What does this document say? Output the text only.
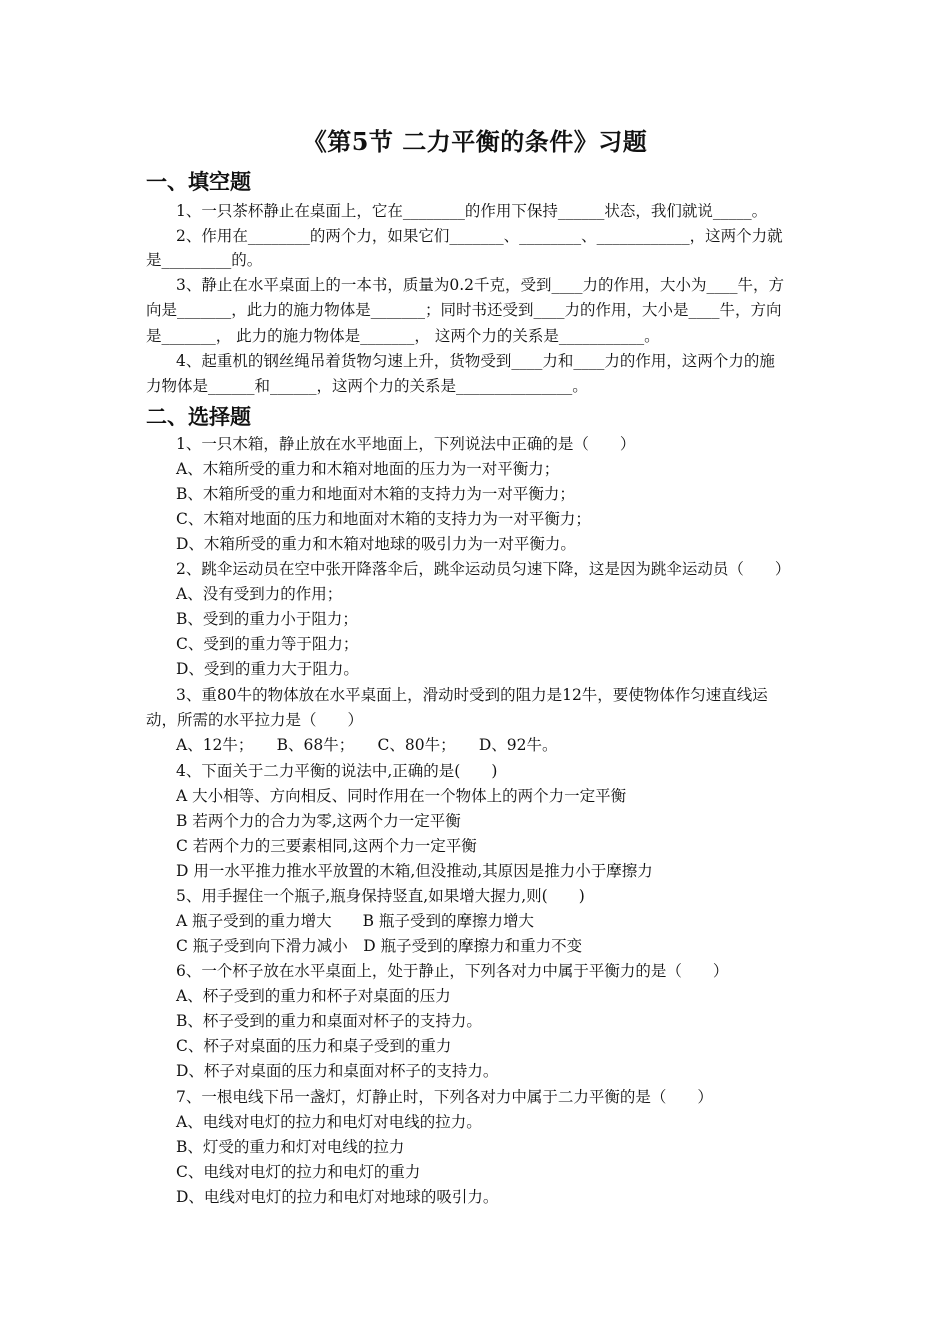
《第5节 二力平衡的条件》习题
一、填空题
1、一只茶杯静止在桌面上，它在________的作用下保持______状态，我们就说_____。
2、作用在________的两个力，如果它们_______、________、____________，这两个力就
是_________的。
3、静止在水平桌面上的一本书，质量为0.2千克，受到____力的作用，大小为____牛，方
向是_______，此力的施力物体是_______；同时书还受到____力的作用，大小是____牛，方向
是_______， 此力的施力物体是_______， 这两个力的关系是___________。
4、起重机的钢丝绳吊着货物匀速上升，货物受到____力和____力的作用，这两个力的施
力物体是______和______，这两个力的关系是_______________。
二、选择题
1、一只木箱，静止放在水平地面上，下列说法中正确的是（　　）
A、木箱所受的重力和木箱对地面的压力为一对平衡力；
B、木箱所受的重力和地面对木箱的支持力为一对平衡力；
C、木箱对地面的压力和地面对木箱的支持力为一对平衡力；
D、木箱所受的重力和木箱对地球的吸引力为一对平衡力。
2、跳伞运动员在空中张开降落伞后，跳伞运动员匀速下降，这是因为跳伞运动员（　　）
A、没有受到力的作用；
B、受到的重力小于阻力；
C、受到的重力等于阻力；
D、受到的重力大于阻力。
3、重80牛的物体放在水平桌面上，滑动时受到的阻力是12牛，要使物体作匀速直线运
动，所需的水平拉力是（　　）
A、12牛；　　B、68牛；　　C、80牛；　　D、92牛。
4、下面关于二力平衡的说法中,正确的是(　　)
A 大小相等、方向相反、同时作用在一个物体上的两个力一定平衡
B 若两个力的合力为零,这两个力一定平衡
C 若两个力的三要素相同,这两个力一定平衡
D 用一水平推力推水平放置的木箱,但没推动,其原因是推力小于摩擦力
5、用手握住一个瓶子,瓶身保持竖直,如果增大握力,则(　　)
A 瓶子受到的重力增大　　B 瓶子受到的摩擦力增大
C 瓶子受到向下滑力减小　D 瓶子受到的摩擦力和重力不变
6、一个杯子放在水平桌面上，处于静止，下列各对力中属于平衡力的是（　　）
A、杯子受到的重力和杯子对桌面的压力
B、杯子受到的重力和桌面对杯子的支持力。
C、杯子对桌面的压力和桌子受到的重力
D、杯子对桌面的压力和桌面对杯子的支持力。
7、一根电线下吊一盏灯，灯静止时，下列各对力中属于二力平衡的是（　　）
A、电线对电灯的拉力和电灯对电线的拉力。
B、灯受的重力和灯对电线的拉力
C、电线对电灯的拉力和电灯的重力
D、电线对电灯的拉力和电灯对地球的吸引力。
